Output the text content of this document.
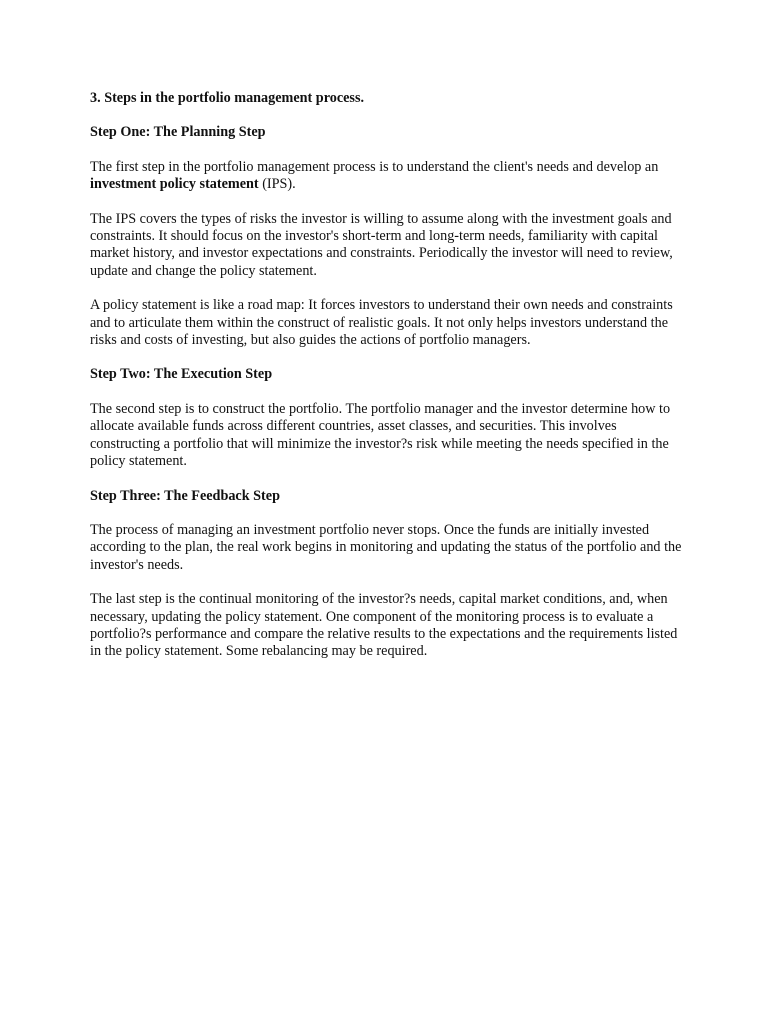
3. Steps in the portfolio management process.

Step One: The Planning Step

The first step in the portfolio management process is to understand the client's needs and develop an investment policy statement (IPS).

The IPS covers the types of risks the investor is willing to assume along with the investment goals and constraints. It should focus on the investor's short-term and long-term needs, familiarity with capital market history, and investor expectations and constraints. Periodically the investor will need to review, update and change the policy statement.

A policy statement is like a road map: It forces investors to understand their own needs and constraints and to articulate them within the construct of realistic goals. It not only helps investors understand the risks and costs of investing, but also guides the actions of portfolio managers.

Step Two: The Execution Step

The second step is to construct the portfolio. The portfolio manager and the investor determine how to allocate available funds across different countries, asset classes, and securities. This involves constructing a portfolio that will minimize the investor?s risk while meeting the needs specified in the policy statement.

Step Three: The Feedback Step

The process of managing an investment portfolio never stops. Once the funds are initially invested according to the plan, the real work begins in monitoring and updating the status of the portfolio and the investor's needs.

The last step is the continual monitoring of the investor?s needs, capital market conditions, and, when necessary, updating the policy statement. One component of the monitoring process is to evaluate a portfolio?s performance and compare the relative results to the expectations and the requirements listed in the policy statement. Some rebalancing may be required.
